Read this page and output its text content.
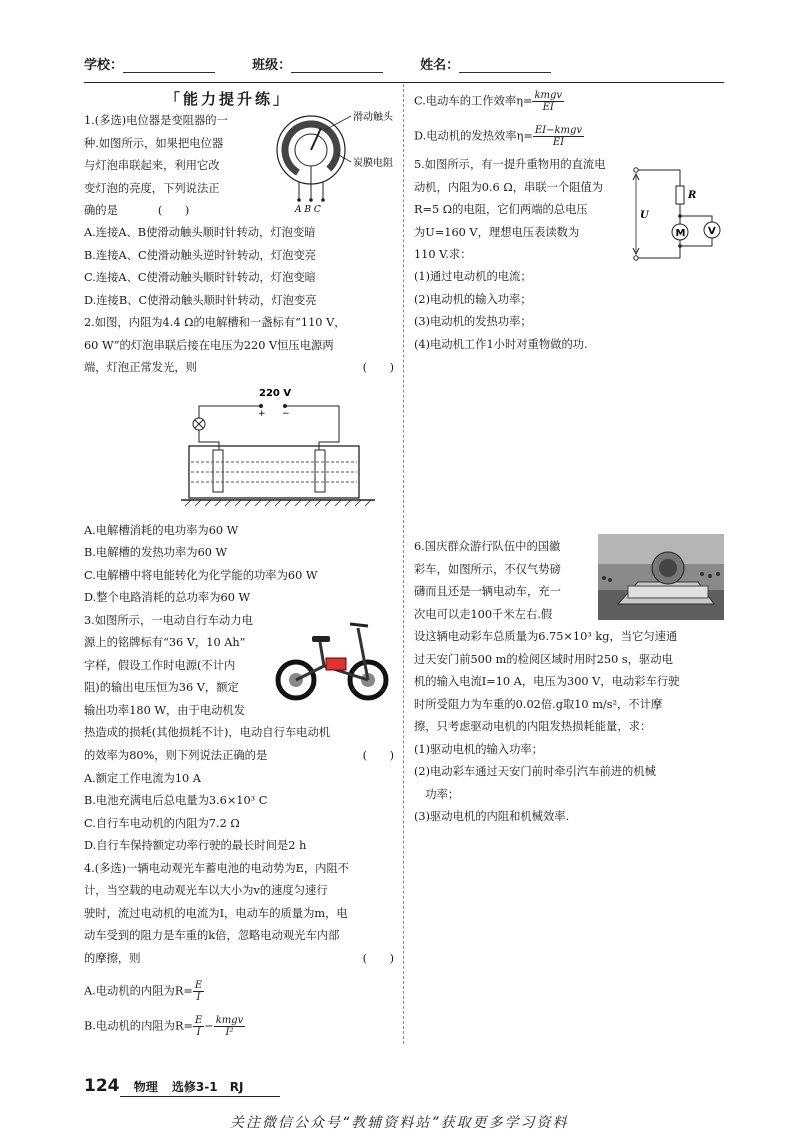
学校：	班级：	姓名：
「能力提升练」

1.(多选)电位器是变阻器的一

种.如图所示，如果把电位器

与灯泡串联起来，利用它改

变灯泡的亮度，下列说法正

确的是	(　　)

滑动触头
炭膜电阻
A B C

A.连接A、B使滑动触头顺时针转动，灯泡变暗

B.连接A、C使滑动触头逆时针转动，灯泡变亮

C.连接A、C使滑动触头顺时针转动，灯泡变暗

D.连接B、C使滑动触头顺时针转动，灯泡变亮

2.如图，内阻为4.4 Ω的电解槽和一盏标有“110 V，

60 W”的灯泡串联后接在电压为220 V恒压电源两

端，灯泡正常发光，则	(　　)

220 V
+ −

A.电解槽消耗的电功率为60 W

B.电解槽的发热功率为60 W

C.电解槽中将电能转化为化学能的功率为60 W

D.整个电路消耗的总功率为60 W

3.如图所示，一电动自行车动力电

源上的铭牌标有“36 V，10 Ah”

字样，假设工作时电源(不计内

阻)的输出电压恒为36 V，额定

输出功率180 W，由于电动机发

热造成的损耗(其他损耗不计)，电动自行车电动机

的效率为80%，则下列说法正确的是	(　　)

A.额定工作电流为10 A

B.电池充满电后总电量为3.6×10³ C

C.自行车电动机的内阻为7.2 Ω

D.自行车保持额定功率行驶的最长时间是2 h

4.(多选)一辆电动观光车蓄电池的电动势为E，内阻不

计，当空载的电动观光车以大小为v的速度匀速行

驶时，流过电动机的电流为I，电动车的质量为m，电

动车受到的阻力是车重的k倍，忽略电动观光车内部

的摩擦，则	(　　)

A.电动机的内阻为$R= \frac{E}{I}$

B.电动机的内阻为$R= \frac{E}{I} - \frac{\text{kmgv}}{\text{I²}}$

C.电动车的工作效率$\eta= \frac{\text{kmgv}}{EI}$

D.电动机的发热效率$\eta= \frac{\text{EI−kmgv}}{EI}$

5.如图所示，有一提升重物用的直流电

动机，内阻为0.6 Ω，串联一个阻值为

R=5 Ω的电阻，它们两端的总电压

为U=160 V，理想电压表读数为

110 V.求：

R
M V
U

(1)通过电动机的电流；

(2)电动机的输入功率；

(3)电动机的发热功率；

(4)电动机工作1小时对重物做的功.

6.国庆群众游行队伍中的国徽

彩车，如图所示，不仅气势磅

礴而且还是一辆电动车，充一

次电可以走100千米左右.假

设这辆电动彩车总质量为6.75×10³ kg，当它匀速通

过天安门前500 m的检阅区域时用时250 s，驱动电

机的输入电流I=10 A，电压为300 V，电动彩车行驶

时所受阻力为车重的0.02倍.g取10 m/s²，不计摩

擦，只考虑驱动电机的内阻发热损耗能量，求：

(1)驱动电机的输入功率；

(2)电动彩车通过天安门前时牵引汽车前进的机械

　功率；

(3)驱动电机的内阻和机械效率.

124 物理 选修3-1 RJ
关注微信公众号“教辅资料站”获取更多学习资料
